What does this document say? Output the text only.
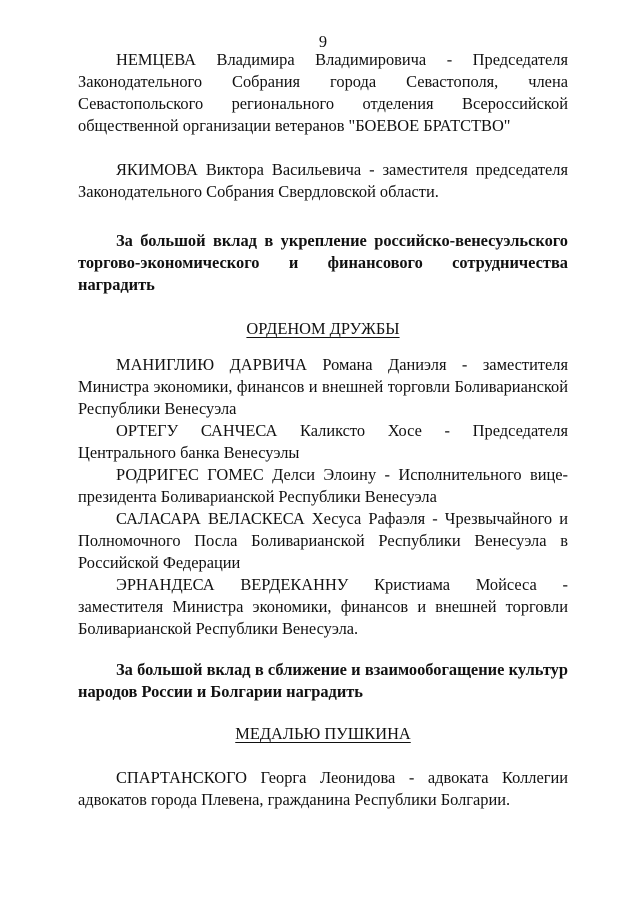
9

НЕМЦЕВА Владимира Владимировича - Председателя Законодательного Собрания города Севастополя, члена Севастопольского регионального отделения Всероссийской общественной организации ветеранов "БОЕВОЕ БРАТСТВО"

ЯКИМОВА Виктора Васильевича - заместителя председателя Законодательного Собрания Свердловской области.

За большой вклад в укрепление российско-венесуэльского торгово-экономического и финансового сотрудничества наградить

ОРДЕНОМ ДРУЖБЫ

МАНИГЛИЮ ДАРВИЧА Романа Даниэля - заместителя Министра экономики, финансов и внешней торговли Боливарианской Республики Венесуэла

ОРТЕГУ САНЧЕСА Каликсто Хосе - Председателя Центрального банка Венесуэлы

РОДРИГЕС ГОМЕС Делси Элоину - Исполнительного вице-президента Боливарианской Республики Венесуэла

САЛАСАРА ВЕЛАСКЕСА Хесуса Рафаэля - Чрезвычайного и Полномочного Посла Боливарианской Республики Венесуэла в Российской Федерации

ЭРНАНДЕСА ВЕРДЕКАННУ Кристиама Мойсеса - заместителя Министра экономики, финансов и внешней торговли Боливарианской Республики Венесуэла.

За большой вклад в сближение и взаимообогащение культур народов России и Болгарии наградить

МЕДАЛЬЮ ПУШКИНА

СПАРТАНСКОГО Георга Леонидова - адвоката Коллегии адвокатов города Плевена, гражданина Республики Болгарии.
